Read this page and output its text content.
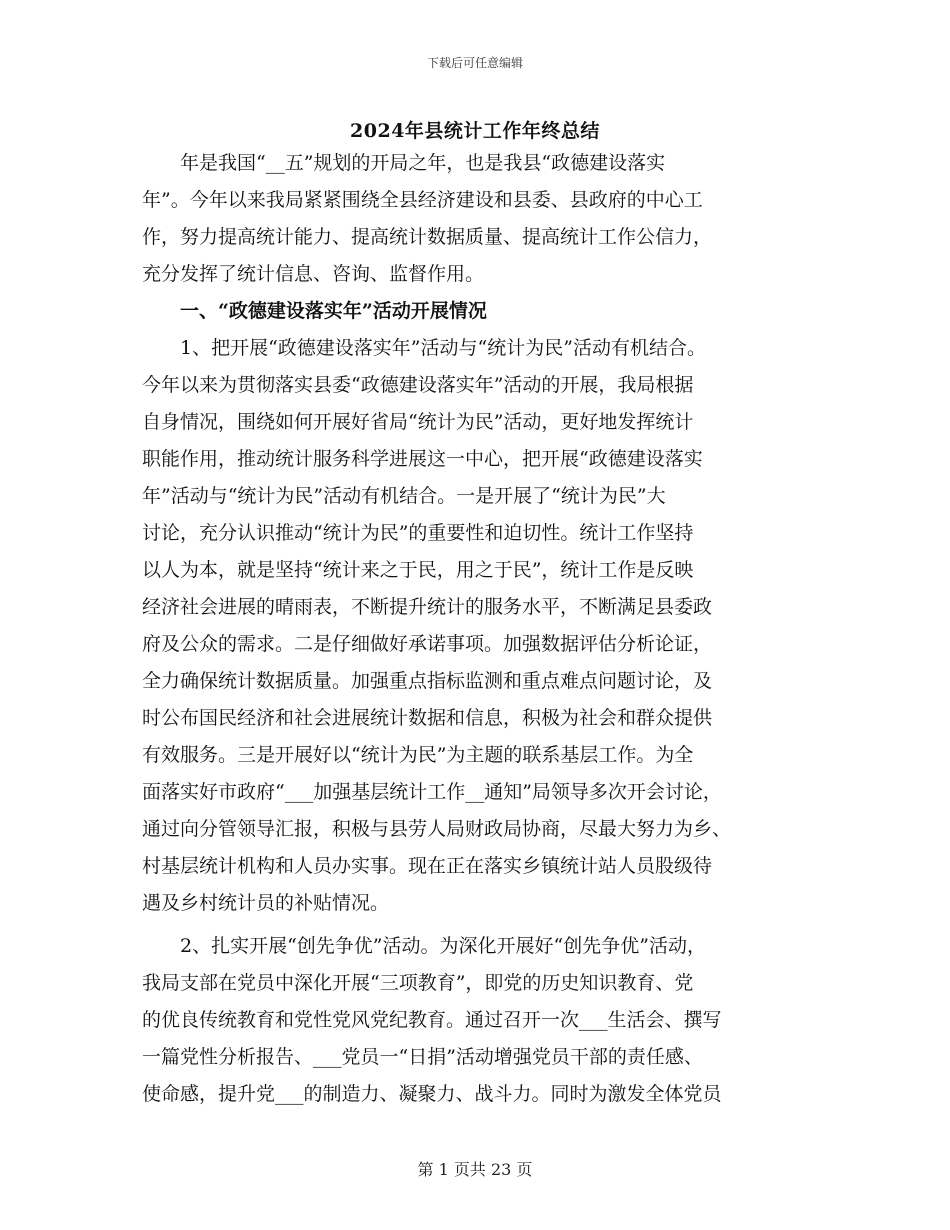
下载后可任意编辑
2024年县统计工作年终总结
　　年是我国“__五”规划的开局之年，也是我县“政德建设落实
年”。今年以来我局紧紧围绕全县经济建设和县委、县政府的中心工
作，努力提高统计能力、提高统计数据质量、提高统计工作公信力，
充分发挥了统计信息、咨询、监督作用。
　　一、“政德建设落实年”活动开展情况
　　1、把开展“政德建设落实年”活动与“统计为民”活动有机结合。
今年以来为贯彻落实县委“政德建设落实年”活动的开展，我局根据
自身情况，围绕如何开展好省局“统计为民”活动，更好地发挥统计
职能作用，推动统计服务科学进展这一中心，把开展“政德建设落实
年”活动与“统计为民”活动有机结合。一是开展了“统计为民”大
讨论，充分认识推动“统计为民”的重要性和迫切性。统计工作坚持
以人为本，就是坚持“统计来之于民，用之于民”，统计工作是反映
经济社会进展的晴雨表，不断提升统计的服务水平，不断满足县委政
府及公众的需求。二是仔细做好承诺事项。加强数据评估分析论证，
全力确保统计数据质量。加强重点指标监测和重点难点问题讨论，及
时公布国民经济和社会进展统计数据和信息，积极为社会和群众提供
有效服务。三是开展好以“统计为民”为主题的联系基层工作。为全
面落实好市政府“___加强基层统计工作__通知”局领导多次开会讨论，
通过向分管领导汇报，积极与县劳人局财政局协商，尽最大努力为乡、
村基层统计机构和人员办实事。现在正在落实乡镇统计站人员股级待
遇及乡村统计员的补贴情况。
　　2、扎实开展“创先争优”活动。为深化开展好“创先争优”活动，
我局支部在党员中深化开展“三项教育”，即党的历史知识教育、党
的优良传统教育和党性党风党纪教育。通过召开一次___生活会、撰写
一篇党性分析报告、___党员一“日捐”活动增强党员干部的责任感、
使命感，提升党___的制造力、凝聚力、战斗力。同时为激发全体党员
第 1 页共 23 页
